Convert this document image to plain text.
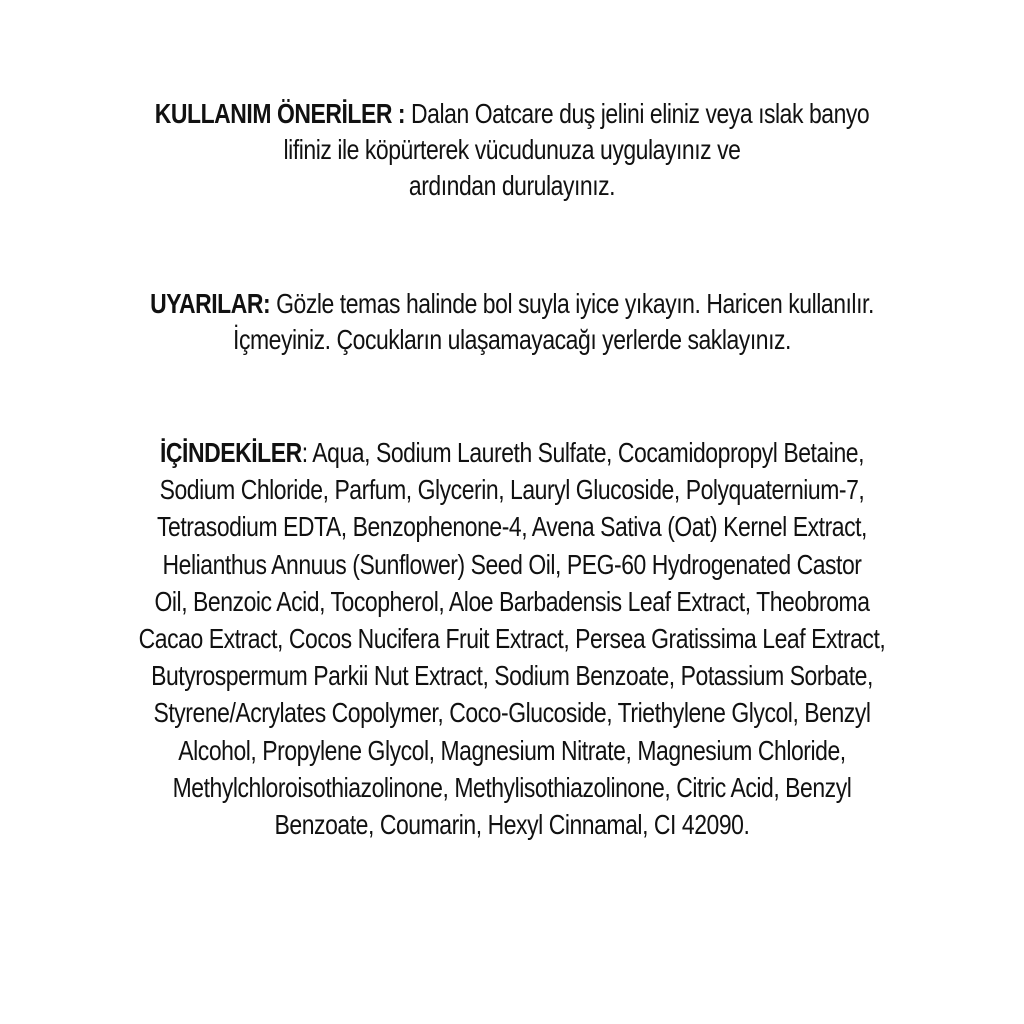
KULLANIM ÖNERİLER : Dalan Oatcare duş jelini eliniz veya ıslak banyo
lifiniz ile köpürterek vücudunuza uygulayınız ve
ardından durulayınız.
UYARILAR: Gözle temas halinde bol suyla iyice yıkayın. Haricen kullanılır.
İçmeyiniz. Çocukların ulaşamayacağı yerlerde saklayınız.
İÇİNDEKİLER: Aqua, Sodium Laureth Sulfate, Cocamidopropyl Betaine,
Sodium Chloride, Parfum, Glycerin, Lauryl Glucoside, Polyquaternium-7,
Tetrasodium EDTA, Benzophenone-4, Avena Sativa (Oat) Kernel Extract,
Helianthus Annuus (Sunflower) Seed Oil, PEG-60 Hydrogenated Castor
Oil, Benzoic Acid, Tocopherol, Aloe Barbadensis Leaf Extract, Theobroma
Cacao Extract, Cocos Nucifera Fruit Extract, Persea Gratissima Leaf Extract,
Butyrospermum Parkii Nut Extract, Sodium Benzoate, Potassium Sorbate,
Styrene/Acrylates Copolymer, Coco-Glucoside, Triethylene Glycol, Benzyl
Alcohol, Propylene Glycol, Magnesium Nitrate, Magnesium Chloride,
Methylchloroisothiazolinone, Methylisothiazolinone, Citric Acid, Benzyl
Benzoate, Coumarin, Hexyl Cinnamal, CI 42090.
